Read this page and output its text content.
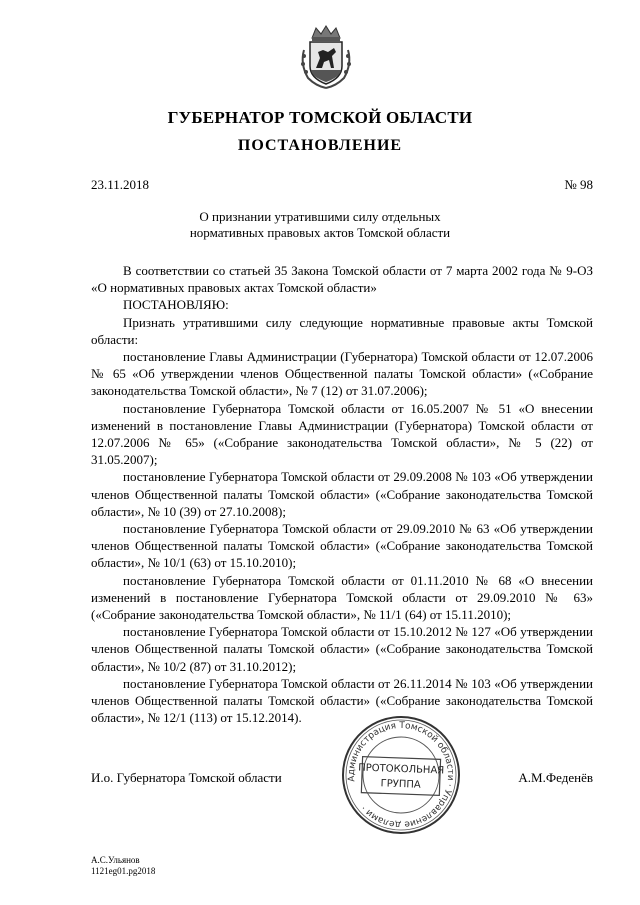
ГУБЕРНАТОР ТОМСКОЙ ОБЛАСТИ
ПОСТАНОВЛЕНИЕ
23.11.2018	№ 98
О признании утратившими силу отдельных
нормативных правовых актов Томской области

В соответствии со статьей 35 Закона Томской области от 7 марта 2002 года № 9-ОЗ «О нормативных правовых актах Томской области»

ПОСТАНОВЛЯЮ:

Признать утратившими силу следующие нормативные правовые акты Томской области:

постановление Главы Администрации (Губернатора) Томской области от 12.07.2006 № 65 «Об утверждении членов Общественной палаты Томской области» («Собрание законодательства Томской области», № 7 (12) от 31.07.2006);

постановление Губернатора Томской области от 16.05.2007 № 51 «О внесении изменений в постановление Главы Администрации (Губернатора) Томской области от 12.07.2006 № 65» («Собрание законодательства Томской области», № 5 (22) от 31.05.2007);

постановление Губернатора Томской области от 29.09.2008 № 103 «Об утверждении членов Общественной палаты Томской области» («Собрание законодательства Томской области», № 10 (39) от 27.10.2008);

постановление Губернатора Томской области от 29.09.2010 № 63 «Об утверждении членов Общественной палаты Томской области» («Собрание законодательства Томской области», № 10/1 (63) от 15.10.2010);

постановление Губернатора Томской области от 01.11.2010 № 68 «О внесении изменений в постановление Губернатора Томской области от 29.09.2010 № 63» («Собрание законодательства Томской области», № 11/1 (64) от 15.11.2010);

постановление Губернатора Томской области от 15.10.2012 № 127 «Об утверждении членов Общественной палаты Томской области» («Собрание законодательства Томской области», № 10/2 (87) от 31.10.2012);

постановление Губернатора Томской области от 26.11.2014 № 103 «Об утверждении членов Общественной палаты Томской области» («Собрание законодательства Томской области», № 12/1 (113) от 15.12.2014).

Администрация Томской области · Управление делами ·
ПРОТОКОЛЬНАЯ
ГРУППА
И.о. Губернатора Томской области	А.М.Феденёв
А.С.Ульянов
1121eg01.pg2018
